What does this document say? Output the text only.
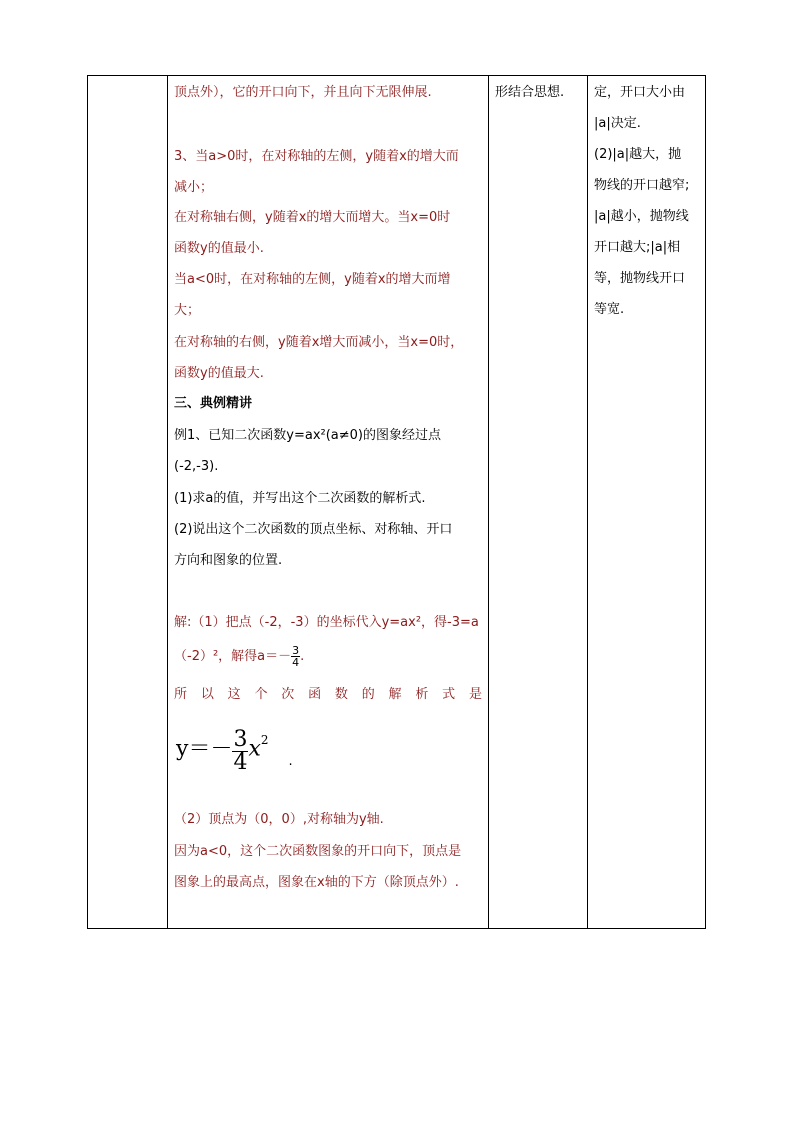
顶点外），它的开口向下，并且向下无限伸展.
3、当a>0时，在对称轴的左侧，y随着x的增大而
减小；
在对称轴右侧，y随着x的增大而增大。当x=0时
函数y的值最小.
当a<0时，在对称轴的左侧，y随着x的增大而增
大；
在对称轴的右侧，y随着x增大而减小，当x=0时，
函数y的值最大.
三、典例精讲
例1、已知二次函数y=ax²(a≠0)的图象经过点
(-2,-3).
(1)求a的值，并写出这个二次函数的解析式.
(2)说出这个二次函数的顶点坐标、对称轴、开口
方向和图象的位置.
解:（1）把点（-2，-3）的坐标代入y=ax²，得-3=a
（-2）²，解得$a=- \frac{3}{4}$ .
所 以 这 个 次 函 数 的 解 析 式 是
$y=- \frac{3}{4} x^2$.
（2）顶点为（0，0）,对称轴为y轴.
因为a<0，这个二次函数图象的开口向下，顶点是
图象上的最高点，图象在x轴的下方（除顶点外）.
形结合思想. 定，开口大小由
|a|决定.
(2)|a|越大，抛
物线的开口越窄;
|a|越小，抛物线
开口越大;|a|相
等，抛物线开口
等宽.
